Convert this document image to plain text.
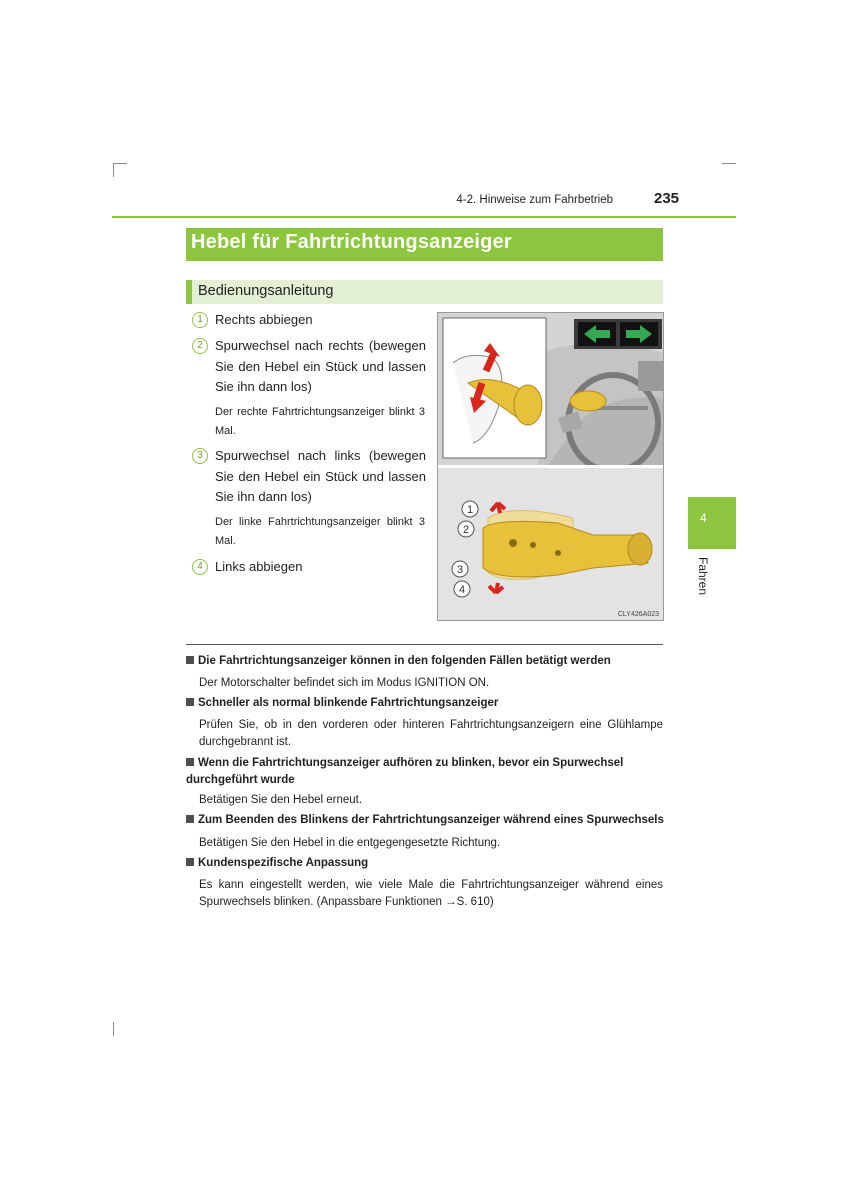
4-2. Hinweise zum Fahrbetrieb	235
Hebel für Fahrtrichtungsanzeiger
Bedienungsanleitung
4
Fahren
1 Rechts abbiegen
2 Spurwechsel nach rechts (bewegen Sie den Hebel ein Stück und lassen Sie ihn dann los)
Der rechte Fahrtrichtungsanzeiger blinkt 3 Mal.
3 Spurwechsel nach links (bewegen Sie den Hebel ein Stück und lassen Sie ihn dann los)
Der linke Fahrtrichtungsanzeiger blinkt 3 Mal.
4 Links abbiegen
1
2
3
4
CLY426A023
Die Fahrtrichtungsanzeiger können in den folgenden Fällen betätigt werden
Der Motorschalter befindet sich im Modus IGNITION ON.
Schneller als normal blinkende Fahrtrichtungsanzeiger
Prüfen Sie, ob in den vorderen oder hinteren Fahrtrichtungsanzeigern eine Glühlampe durchgebrannt ist.
Wenn die Fahrtrichtungsanzeiger aufhören zu blinken, bevor ein Spurwechsel durchgeführt wurde
Betätigen Sie den Hebel erneut.
Zum Beenden des Blinkens der Fahrtrichtungsanzeiger während eines Spurwechsels
Betätigen Sie den Hebel in die entgegengesetzte Richtung.
Kundenspezifische Anpassung
Es kann eingestellt werden, wie viele Male die Fahrtrichtungsanzeiger während eines Spurwechsels blinken. (Anpassbare Funktionen →S. 610)
